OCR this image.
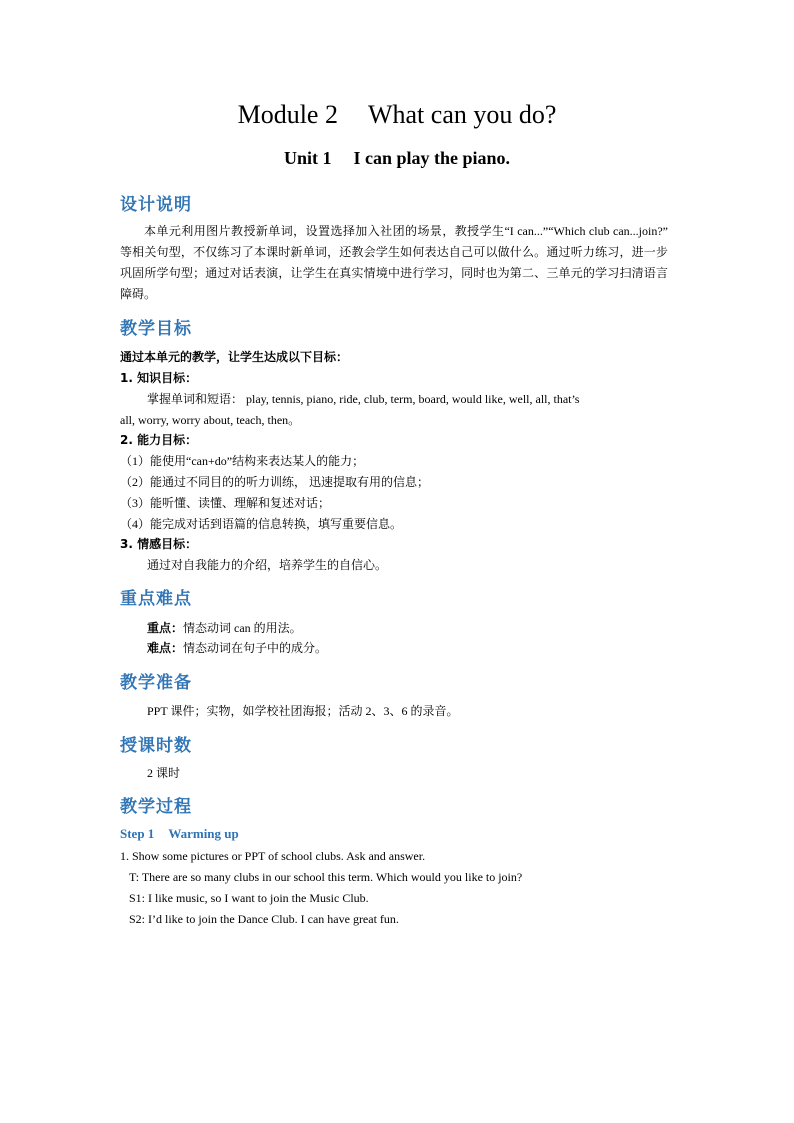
Module 2 What can you do?
Unit 1 I can play the piano.
设计说明

本单元利用图片教授新单词，设置选择加入社团的场景，教授学生“I can...”“Which club can...join?” 等相关句型，不仅练习了本课时新单词，还教会学生如何表达自己可以做什么。通过听力练习，进一步巩固所学句型；通过对话表演，让学生在真实情境中进行学习，同时也为第二、三单元的学习扫清语言障碍。

教学目标

通过本单元的教学，让学生达成以下目标：

1. 知识目标：

掌握单词和短语： play, tennis, piano, ride, club, term, board, would like, well, all, that’s

all, worry, worry about, teach, then。

2. 能力目标：

（1）能使用“can+do”结构来表达某人的能力；

（2）能通过不同目的的听力训练， 迅速提取有用的信息；

（3）能听懂、读懂、理解和复述对话；

（4）能完成对话到语篇的信息转换，填写重要信息。

3. 情感目标：

通过对自我能力的介绍，培养学生的自信心。

重点难点

重点：情态动词 can 的用法。

难点：情态动词在句子中的成分。

教学准备

PPT 课件；实物，如学校社团海报；活动 2、3、6 的录音。

授课时数

2 课时

教学过程

Step 1 Warming up

1. Show some pictures or PPT of school clubs. Ask and answer.

T: There are so many clubs in our school this term. Which would you like to join?

S1: I like music, so I want to join the Music Club.

S2: I’d like to join the Dance Club. I can have great fun.
